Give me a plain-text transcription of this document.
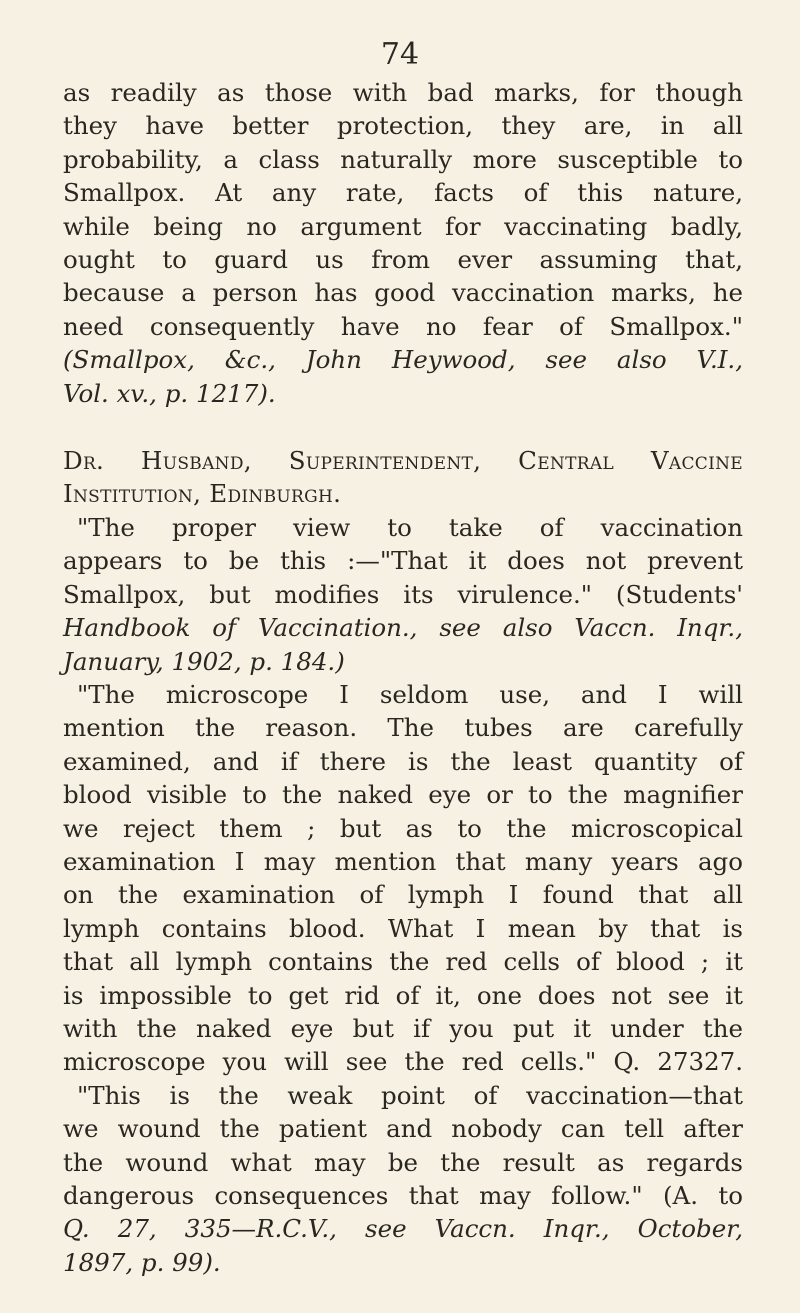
74
as readily as those with bad marks, for though
they have better protection, they are, in all
probability, a class naturally more susceptible to
Smallpox. At any rate, facts of this nature,
while being no argument for vaccinating badly,
ought to guard us from ever assuming that,
because a person has good vaccination marks, he
need consequently have no fear of Smallpox."
(Smallpox, &c., John Heywood, see also V.I.,
Vol. xv., p. 1217).
Dr. Husband, Superintendent, Central Vaccine
Institution, Edinburgh.
"The proper view to take of vaccination
appears to be this :—"That it does not prevent
Smallpox, but modifies its virulence." (Students'
Handbook of Vaccination., see also Vaccn. Inqr.,
January, 1902, p. 184.)
"The microscope I seldom use, and I will
mention the reason. The tubes are carefully
examined, and if there is the least quantity of
blood visible to the naked eye or to the magnifier
we reject them ; but as to the microscopical
examination I may mention that many years ago
on the examination of lymph I found that all
lymph contains blood. What I mean by that is
that all lymph contains the red cells of blood ; it
is impossible to get rid of it, one does not see it
with the naked eye but if you put it under the
microscope you will see the red cells." Q. 27327.
"This is the weak point of vaccination—that
we wound the patient and nobody can tell after
the wound what may be the result as regards
dangerous consequences that may follow." (A. to
Q. 27, 335—R.C.V., see Vaccn. Inqr., October,
1897, p. 99).
